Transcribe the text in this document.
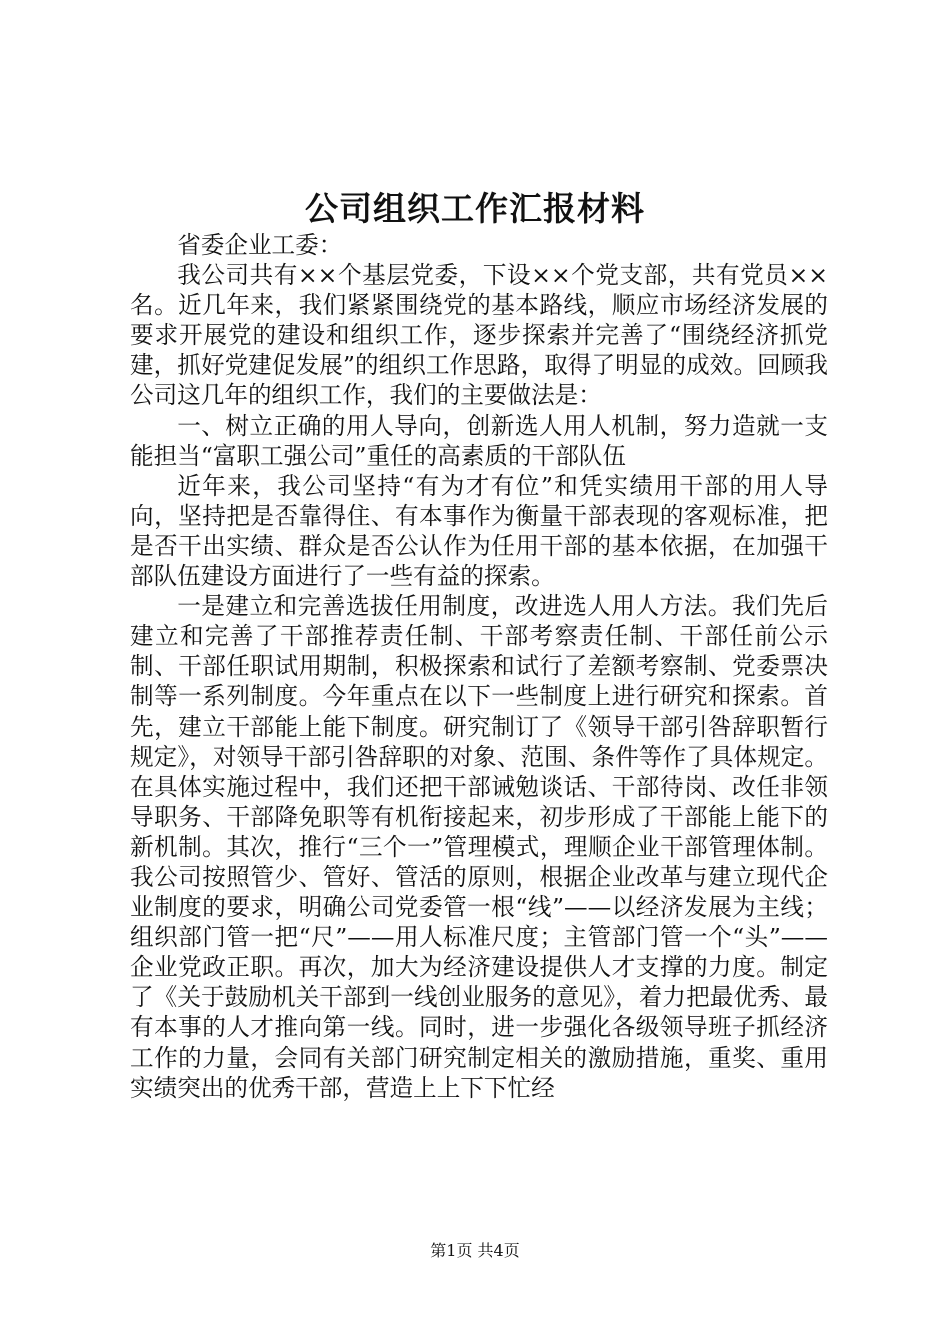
公司组织工作汇报材料

省委企业工委：

我公司共有××个基层党委，下设××个党支部，共有党员××名。近几年来，我们紧紧围绕党的基本路线，顺应市场经济发展的要求开展党的建设和组织工作，逐步探索并完善了“围绕经济抓党建，抓好党建促发展”的组织工作思路，取得了明显的成效。回顾我公司这几年的组织工作，我们的主要做法是：

一、树立正确的用人导向，创新选人用人机制，努力造就一支能担当“富职工强公司”重任的高素质的干部队伍

近年来，我公司坚持“有为才有位”和凭实绩用干部的用人导向，坚持把是否靠得住、有本事作为衡量干部表现的客观标准，把是否干出实绩、群众是否公认作为任用干部的基本依据，在加强干部队伍建设方面进行了一些有益的探索。

一是建立和完善选拔任用制度，改进选人用人方法。我们先后建立和完善了干部推荐责任制、干部考察责任制、干部任前公示制、干部任职试用期制，积极探索和试行了差额考察制、党委票决制等一系列制度。今年重点在以下一些制度上进行研究和探索。首先，建立干部能上能下制度。研究制订了《领导干部引咎辞职暂行规定》，对领导干部引咎辞职的对象、范围、条件等作了具体规定。在具体实施过程中，我们还把干部诫勉谈话、干部待岗、改任非领导职务、干部降免职等有机衔接起来，初步形成了干部能上能下的新机制。其次，推行“三个一”管理模式，理顺企业干部管理体制。我公司按照管少、管好、管活的原则，根据企业改革与建立现代企业制度的要求，明确公司党委管一根“线”——以经济发展为主线；组织部门管一把“尺”——用人标准尺度；主管部门管一个“头”——企业党政正职。再次，加大为经济建设提供人才支撑的力度。制定了《关于鼓励机关干部到一线创业服务的意见》，着力把最优秀、最有本事的人才推向第一线。同时，进一步强化各级领导班子抓经济工作的力量，会同有关部门研究制定相关的激励措施，重奖、重用实绩突出的优秀干部，营造上上下下忙经

第1页 共4页
